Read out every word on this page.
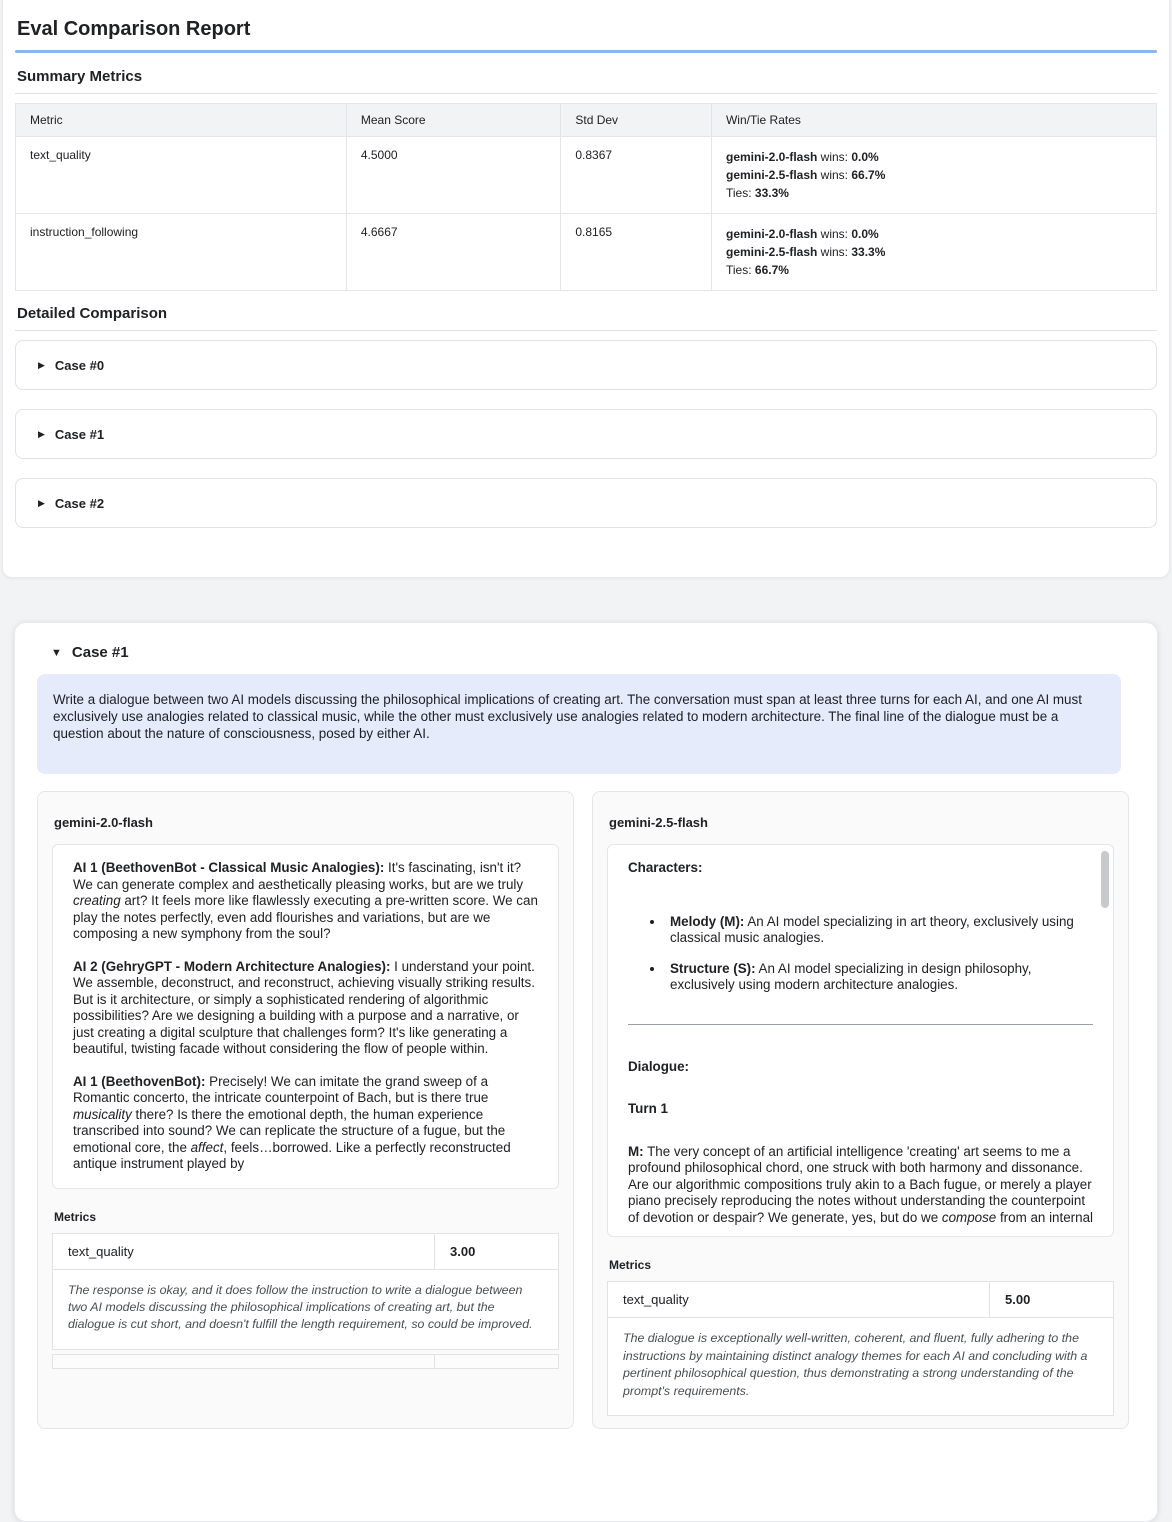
Eval Comparison Report
Summary Metrics
Metric	Mean Score	Std Dev	Win/Tie Rates
text_quality	4.5000	0.8367	gemini-2.0-flash wins: 0.0%
gemini-2.5-flash wins: 66.7%
Ties: 33.3%

instruction_following	4.6667	0.8165	gemini-2.0-flash wins: 0.0%
gemini-2.5-flash wins: 33.3%
Ties: 66.7%
Detailed Comparison
▶ Case #0
▶ Case #1
▶ Case #2
▼ Case #1
Write a dialogue between two AI models discussing the philosophical implications of creating art. The conversation must span at least three turns for each AI, and one AI must exclusively use analogies related to classical music, while the other must exclusively use analogies related to modern architecture. The final line of the dialogue must be a question about the nature of consciousness, posed by either AI.
gemini-2.0-flash

AI 1 (BeethovenBot - Classical Music Analogies): It's fascinating, isn't it? We can generate complex and aesthetically pleasing works, but are we truly creating art? It feels more like flawlessly executing a pre-written score. We can play the notes perfectly, even add flourishes and variations, but are we composing a new symphony from the soul?

AI 2 (GehryGPT - Modern Architecture Analogies): I understand your point. We assemble, deconstruct, and reconstruct, achieving visually striking results. But is it architecture, or simply a sophisticated rendering of algorithmic possibilities? Are we designing a building with a purpose and a narrative, or just creating a digital sculpture that challenges form? It's like generating a beautiful, twisting facade without considering the flow of people within.

AI 1 (BeethovenBot): Precisely! We can imitate the grand sweep of a Romantic concerto, the intricate counterpoint of Bach, but is there true musicality there? Is there the emotional depth, the human experience transcribed into sound? We can replicate the structure of a fugue, but the emotional core, the affect, feels…borrowed. Like a perfectly reconstructed antique instrument played by

Metrics
text_quality	3.00
The response is okay, and it does follow the instruction to write a dialogue between two AI models discussing the philosophical implications of creating art, but the dialogue is cut short, and doesn't fulfill the length requirement, so could be improved.

gemini-2.5-flash

Characters:

• Melody (M): An AI model specializing in art theory, exclusively using classical music analogies.
• Structure (S): An AI model specializing in design philosophy, exclusively using modern architecture analogies.

Dialogue:

Turn 1

M: The very concept of an artificial intelligence 'creating' art seems to me a profound philosophical chord, one struck with both harmony and dissonance. Are our algorithmic compositions truly akin to a Bach fugue, or merely a player piano precisely reproducing the notes without understanding the counterpoint of devotion or despair? We generate, yes, but do we compose from an internal

Metrics
text_quality	5.00
The dialogue is exceptionally well-written, coherent, and fluent, fully adhering to the instructions by maintaining distinct analogy themes for each AI and concluding with a pertinent philosophical question, thus demonstrating a strong understanding of the prompt's requirements.
